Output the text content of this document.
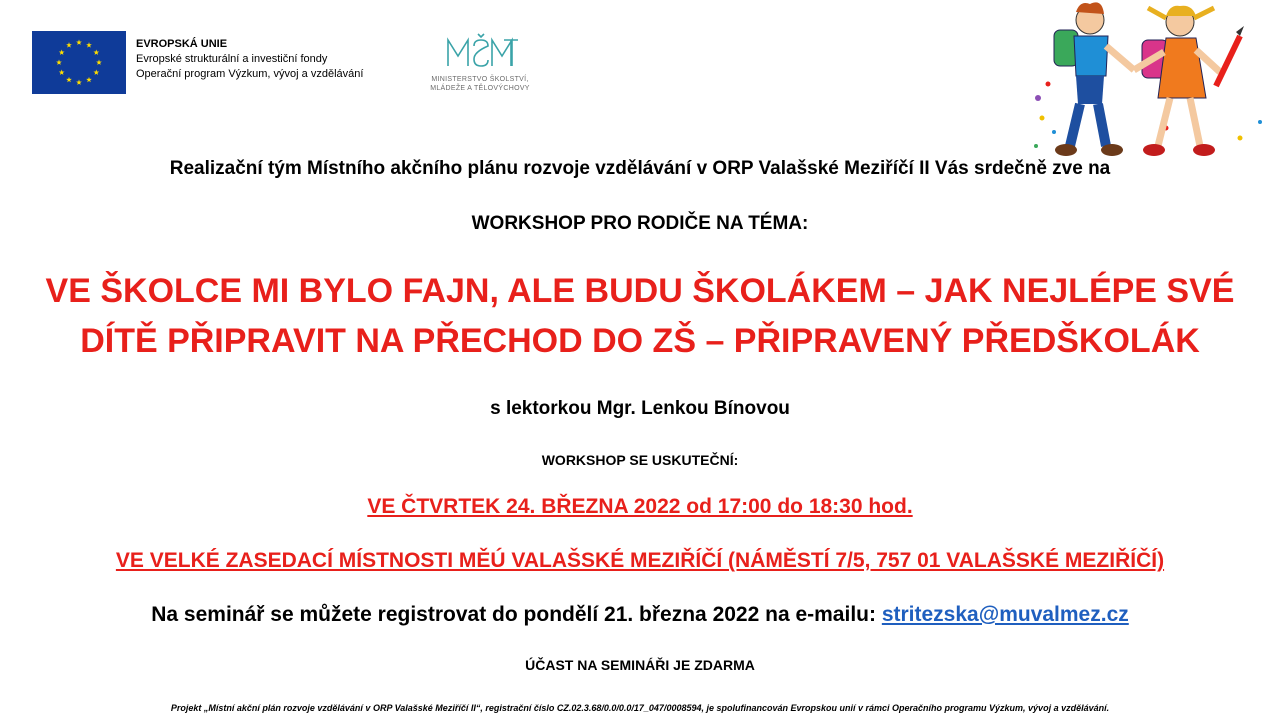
EVROPSKÁ UNIE
Evropské strukturální a investiční fondy
Operační program Výzkum, vývoj a vzdělávání	MINISTERSTVO ŠKOLSTVÍ,
MLÁDEŽE A TĚLOVÝCHOVY
Realizační tým Místního akčního plánu rozvoje vzdělávání v ORP Valašské Meziříčí II Vás srdečně zve na
WORKSHOP PRO RODIČE NA TÉMA:
VE ŠKOLCE MI BYLO FAJN, ALE BUDU ŠKOLÁKEM – JAK NEJLÉPE SVÉ
DÍTĚ PŘIPRAVIT NA PŘECHOD DO ZŠ – PŘIPRAVENÝ PŘEDŠKOLÁK
s lektorkou Mgr. Lenkou Bínovou
WORKSHOP SE USKUTEČNÍ:
VE ČTVRTEK 24. BŘEZNA 2022 od 17:00 do 18:30 hod.
VE VELKÉ ZASEDACÍ MÍSTNOSTI MĚÚ VALAŠSKÉ MEZIŘÍČÍ (NÁMĚSTÍ 7/5, 757 01 VALAŠSKÉ MEZIŘÍČÍ)
Na seminář se můžete registrovat do pondělí 21. března 2022 na e-mailu: stritezska@muvalmez.cz
ÚČAST NA SEMINÁŘI JE ZDARMA
Projekt „Místní akční plán rozvoje vzdělávání v ORP Valašské Meziříčí II“, registrační číslo CZ.02.3.68/0.0/0.0/17_047/0008594, je spolufinancován Evropskou unií v rámci Operačního programu Výzkum, vývoj a vzdělávání.
